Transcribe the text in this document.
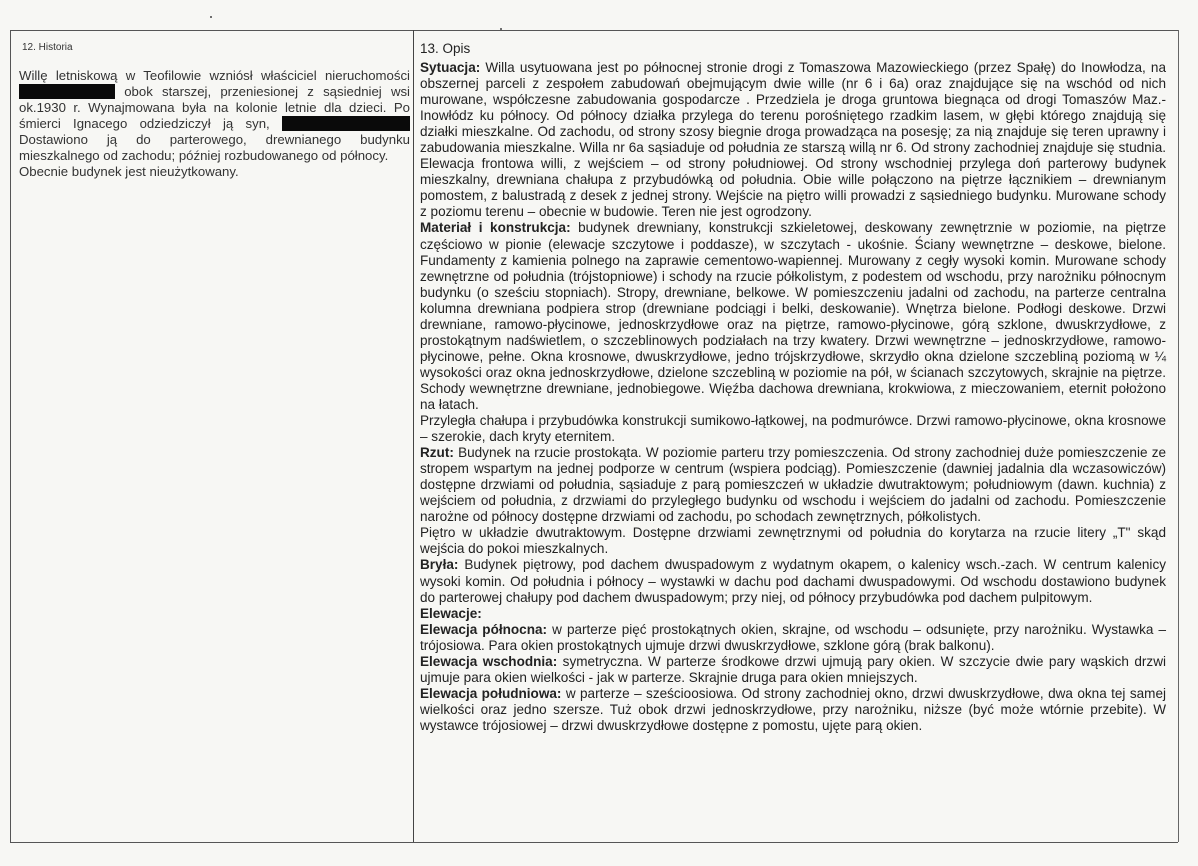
12. Historia
Willę letniskową w Teofilowie wzniósł właściciel nieruchomości  obok starszej, przeniesionej z sąsiedniej wsi ok.1930 r. Wynajmowana była na kolonie letnie dla dzieci. Po śmierci Ignacego odziedziczył ją syn,  Dostawiono ją do parterowego, drewnianego budynku mieszkalnego od zachodu; później rozbudowanego od północy.
Obecnie budynek jest nieużytkowany.
13. Opis

Sytuacja: Willa usytuowana jest po północnej stronie drogi z Tomaszowa Mazowieckiego (przez Spałę) do Inowłodza, na obszernej parceli z zespołem zabudowań obejmującym dwie wille (nr 6 i 6a) oraz znajdujące się na wschód od nich murowane, współczesne zabudowania gospodarcze . Przedziela je droga gruntowa biegnąca od drogi Tomaszów Maz.-Inowłódz ku północy. Od północy działka przylega do terenu porośniętego rzadkim lasem, w głębi którego znajdują się działki mieszkalne. Od zachodu, od strony szosy biegnie droga prowadząca na posesję; za nią znajduje się teren uprawny i zabudowania mieszkalne. Willa nr 6a sąsiaduje od południa ze starszą willą nr 6. Od strony zachodniej znajduje się studnia. Elewacja frontowa willi, z wejściem – od strony południowej. Od strony wschodniej przylega doń parterowy budynek mieszkalny, drewniana chałupa z przybudówką od południa. Obie wille połączono na piętrze łącznikiem – drewnianym pomostem, z balustradą z desek z jednej strony. Wejście na piętro willi prowadzi z sąsiedniego budynku. Murowane schody z poziomu terenu – obecnie w budowie. Teren nie jest ogrodzony.

Materiał i konstrukcja: budynek drewniany, konstrukcji szkieletowej, deskowany zewnętrznie w poziomie, na piętrze częściowo w pionie (elewacje szczytowe i poddasze), w szczytach - ukośnie. Ściany wewnętrzne – deskowe, bielone. Fundamenty z kamienia polnego na zaprawie cementowo-wapiennej. Murowany z cegły wysoki komin. Murowane schody zewnętrzne od południa (trójstopniowe) i schody na rzucie półkolistym, z podestem od wschodu, przy narożniku północnym budynku (o sześciu stopniach). Stropy, drewniane, belkowe. W pomieszczeniu jadalni od zachodu, na parterze centralna kolumna drewniana podpiera strop (drewniane podciągi i belki, deskowanie). Wnętrza bielone. Podłogi deskowe. Drzwi drewniane, ramowo-płycinowe, jednoskrzydłowe oraz na piętrze, ramowo-płycinowe, górą szklone, dwuskrzydłowe, z prostokątnym nadświetlem, o szczeblinowych podziałach na trzy kwatery. Drzwi wewnętrzne – jednoskrzydłowe, ramowo-płycinowe, pełne. Okna krosnowe, dwuskrzydłowe, jedno trójskrzydłowe, skrzydło okna dzielone szczebliną poziomą w ¼ wysokości oraz okna jednoskrzydłowe, dzielone szczebliną w poziomie na pół, w ścianach szczytowych, skrajnie na piętrze. Schody wewnętrzne drewniane, jednobiegowe. Więźba dachowa drewniana, krokwiowa, z mieczowaniem, eternit położono na łatach.

Przyległa chałupa i przybudówka konstrukcji sumikowo-łątkowej, na podmurówce. Drzwi ramowo-płycinowe, okna krosnowe – szerokie, dach kryty eternitem.

Rzut: Budynek na rzucie prostokąta. W poziomie parteru trzy pomieszczenia. Od strony zachodniej duże pomieszczenie ze stropem wspartym na jednej podporze w centrum (wspiera podciąg). Pomieszczenie (dawniej jadalnia dla wczasowiczów) dostępne drzwiami od południa, sąsiaduje z parą pomieszczeń w układzie dwutraktowym; południowym (dawn. kuchnia) z wejściem od południa, z drzwiami do przyległego budynku od wschodu i wejściem do jadalni od zachodu. Pomieszczenie narożne od północy dostępne drzwiami od zachodu, po schodach zewnętrznych, półkolistych.

Piętro w układzie dwutraktowym. Dostępne drzwiami zewnętrznymi od południa do korytarza na rzucie litery „T" skąd wejścia do pokoi mieszkalnych.

Bryła: Budynek piętrowy, pod dachem dwuspadowym z wydatnym okapem, o kalenicy wsch.-zach. W centrum kalenicy wysoki komin. Od południa i północy – wystawki w dachu pod dachami dwuspadowymi. Od wschodu dostawiono budynek do parterowej chałupy pod dachem dwuspadowym; przy niej, od północy przybudówka pod dachem pulpitowym.

Elewacje:

Elewacja północna: w parterze pięć prostokątnych okien, skrajne, od wschodu – odsunięte, przy narożniku. Wystawka – trójosiowa. Para okien prostokątnych ujmuje drzwi dwuskrzydłowe, szklone górą (brak balkonu).

Elewacja wschodnia: symetryczna. W parterze środkowe drzwi ujmują pary okien. W szczycie dwie pary wąskich drzwi ujmuje para okien wielkości - jak w parterze. Skrajnie druga para okien mniejszych.

Elewacja południowa: w parterze – sześcioosiowa. Od strony zachodniej okno, drzwi dwuskrzydłowe, dwa okna tej samej wielkości oraz jedno szersze. Tuż obok drzwi jednoskrzydłowe, przy narożniku, niższe (być może wtórnie przebite). W wystawce trójosiowej – drzwi dwuskrzydłowe dostępne z pomostu, ujęte parą okien.
